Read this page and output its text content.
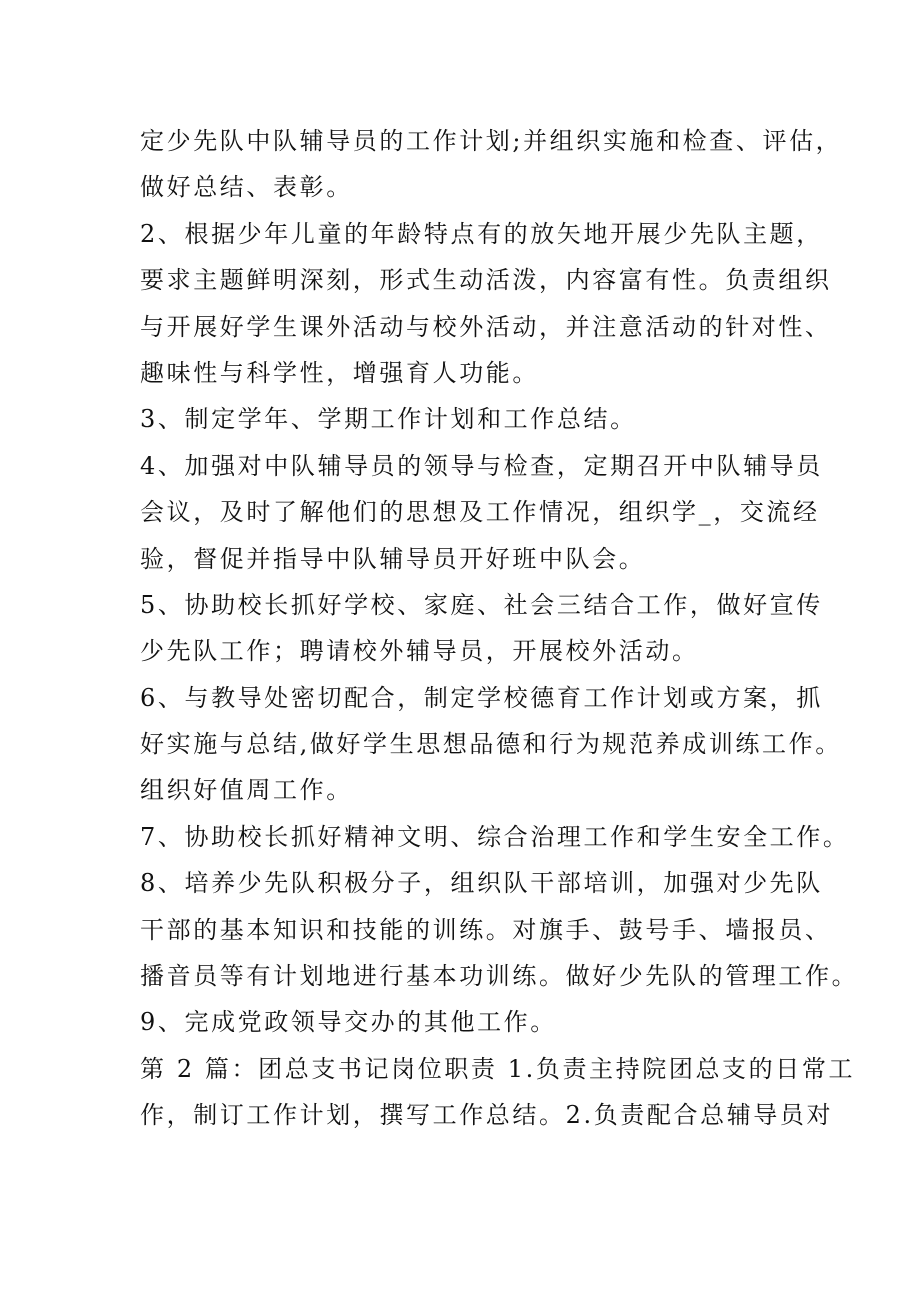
定少先队中队辅导员的工作计划;并组织实施和检查、评估，
做好总结、表彰。
2、根据少年儿童的年龄特点有的放矢地开展少先队主题，
要求主题鲜明深刻，形式生动活泼，内容富有性。负责组织
与开展好学生课外活动与校外活动，并注意活动的针对性、
趣味性与科学性，增强育人功能。
3、制定学年、学期工作计划和工作总结。
4、加强对中队辅导员的领导与检查，定期召开中队辅导员
会议，及时了解他们的思想及工作情况，组织学_，交流经
验，督促并指导中队辅导员开好班中队会。
5、协助校长抓好学校、家庭、社会三结合工作，做好宣传
少先队工作；聘请校外辅导员，开展校外活动。
6、与教导处密切配合，制定学校德育工作计划或方案，抓
好实施与总结,做好学生思想品德和行为规范养成训练工作。
组织好值周工作。
7、协助校长抓好精神文明、综合治理工作和学生安全工作。
8、培养少先队积极分子，组织队干部培训，加强对少先队
干部的基本知识和技能的训练。对旗手、鼓号手、墙报员、
播音员等有计划地进行基本功训练。做好少先队的管理工作。
9、完成党政领导交办的其他工作。
第 2 篇：团总支书记岗位职责 1.负责主持院团总支的日常工
作，制订工作计划，撰写工作总结。2.负责配合总辅导员对
